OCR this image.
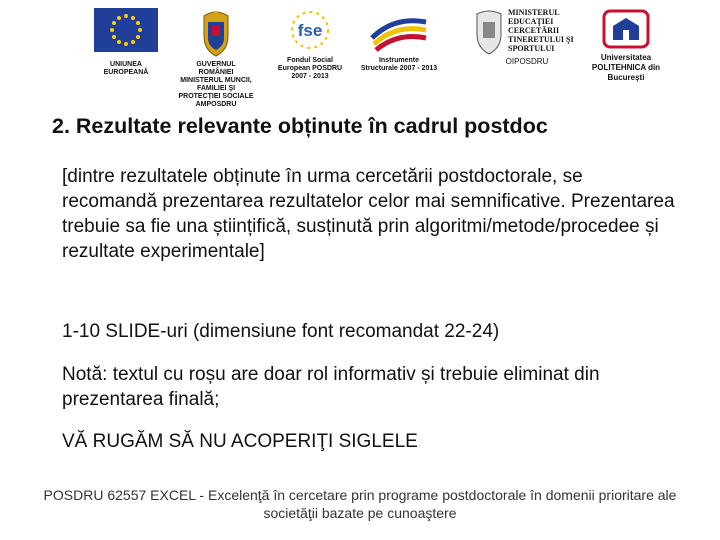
UNIUNEA EUROPEANĂ
GUVERNUL ROMÂNIEI MINISTERUL MUNCII, FAMILIEI ŞI PROTECŢIEI SOCIALE AMPOSDRU
fse
Fondul Social European POSDRU 2007 - 2013
Instrumente Structurale 2007 - 2013
MINISTERUL EDUCAŢIEI CERCETĂRII TINERETULUI ŞI SPORTULUI
OIPOSDRU	Universitatea POLITEHNICA din Bucureşti
2. Rezultate relevante obținute în cadrul postdoc
[dintre rezultatele obținute în urma cercetării postdoctorale, se recomandă prezentarea rezultatelor celor mai semnificative. Prezentarea trebuie sa fie una științifică, susținută prin algoritmi/metode/procedee și rezultate experimentale]
1-10 SLIDE-uri (dimensiune font recomandat 22-24)
Notă: textul cu roșu are doar rol informativ și trebuie eliminat din prezentarea finală;
VĂ RUGĂM SĂ NU ACOPERIŢI SIGLELE
POSDRU 62557 EXCEL - Excelenţă în cercetare prin programe postdoctorale în domenii prioritare ale societăţii bazate pe cunoaştere
